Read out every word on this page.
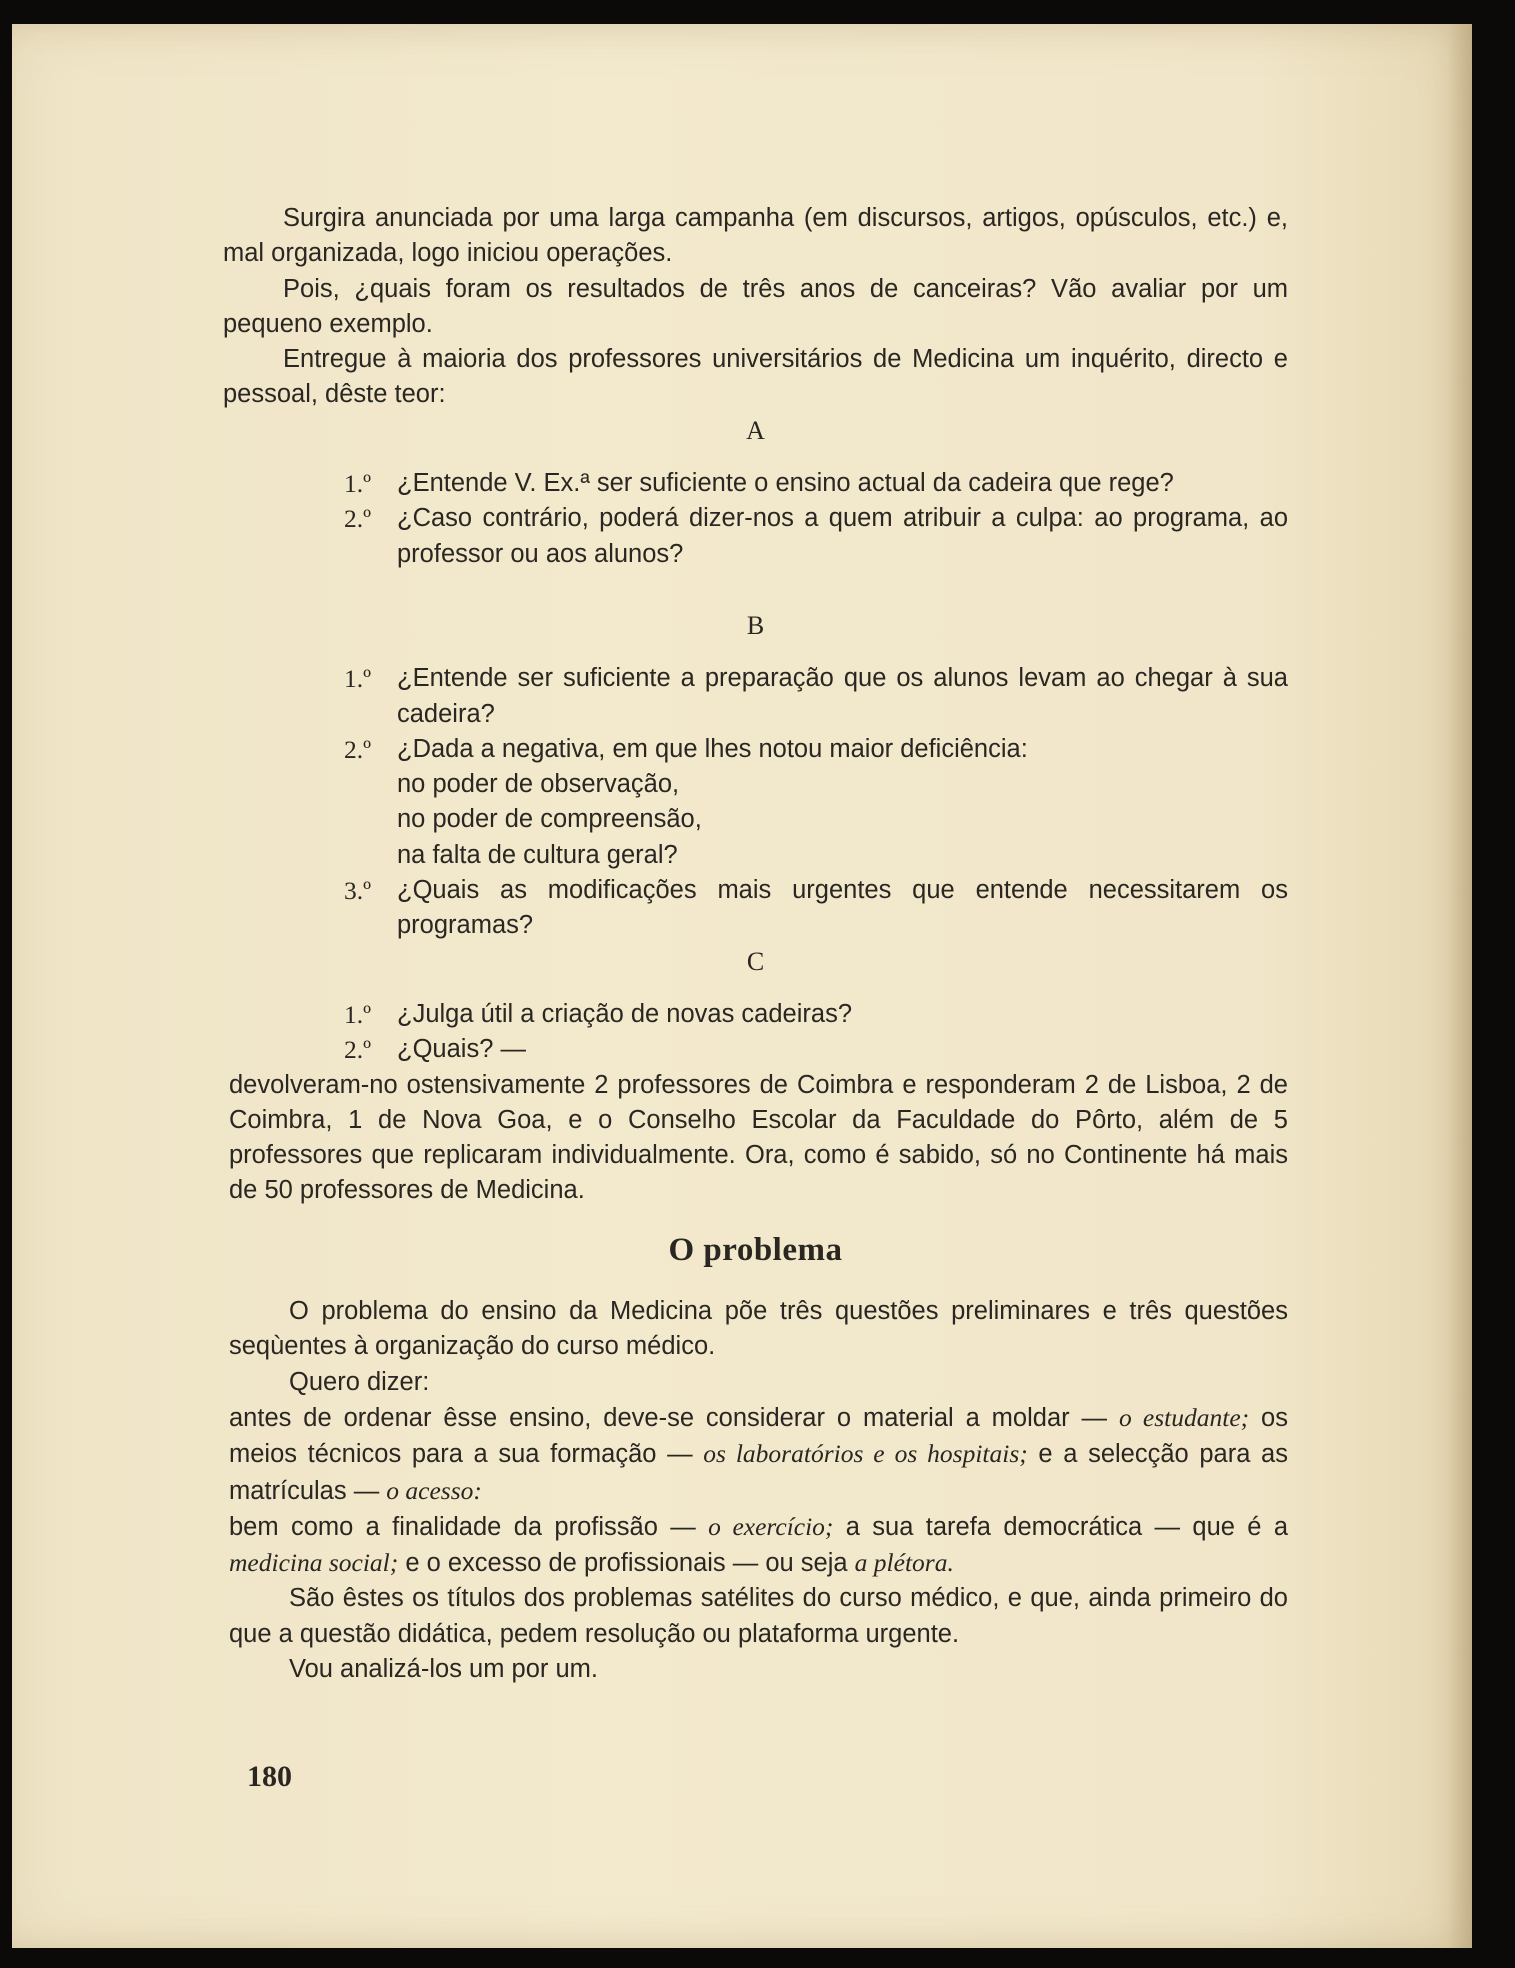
Surgira anunciada por uma larga campanha (em discursos, artigos, opúsculos, etc.) e, mal organizada, logo iniciou operações.

Pois, ¿quais foram os resultados de três anos de canceiras? Vão avaliar por um pequeno exemplo.

Entregue à maioria dos professores universitários de Medicina um inquérito, directo e pessoal, dêste teor:

A

1.º	¿Entende V. Ex.ª ser suficiente o ensino actual da cadeira que rege?
2.º	¿Caso contrário, poderá dizer-nos a quem atribuir a culpa: ao programa, ao professor ou aos alunos?

B

1.º	¿Entende ser suficiente a preparação que os alunos levam ao chegar à sua cadeira?
2.º	¿Dada a negativa, em que lhes notou maior deficiência:

no poder de observação,

no poder de compreensão,

na falta de cultura geral?

3.º	¿Quais as modificações mais urgentes que entende necessitarem os programas?

C

1.º	¿Julga útil a criação de novas cadeiras?
2.º	¿Quais? —

devolveram-no ostensivamente 2 professores de Coimbra e responderam 2 de Lisboa, 2 de Coimbra, 1 de Nova Goa, e o Conselho Escolar da Faculdade do Pôrto, além de 5 professores que replicaram individualmente. Ora, como é sabido, só no Continente há mais de 50 professores de Medicina.

O problema

O problema do ensino da Medicina põe três questões preliminares e três questões seqùentes à organização do curso médico.

Quero dizer:

antes de ordenar êsse ensino, deve-se considerar o material a moldar — o estudante; os meios técnicos para a sua formação — os laboratórios e os hospitais; e a selecção para as matrículas — o acesso:

bem como a finalidade da profissão — o exercício; a sua tarefa democrática — que é a medicina social; e o excesso de profissionais — ou seja a plétora.

São êstes os títulos dos problemas satélites do curso médico, e que, ainda primeiro do que a questão didática, pedem resolução ou plataforma urgente.

Vou analizá-los um por um.

180
